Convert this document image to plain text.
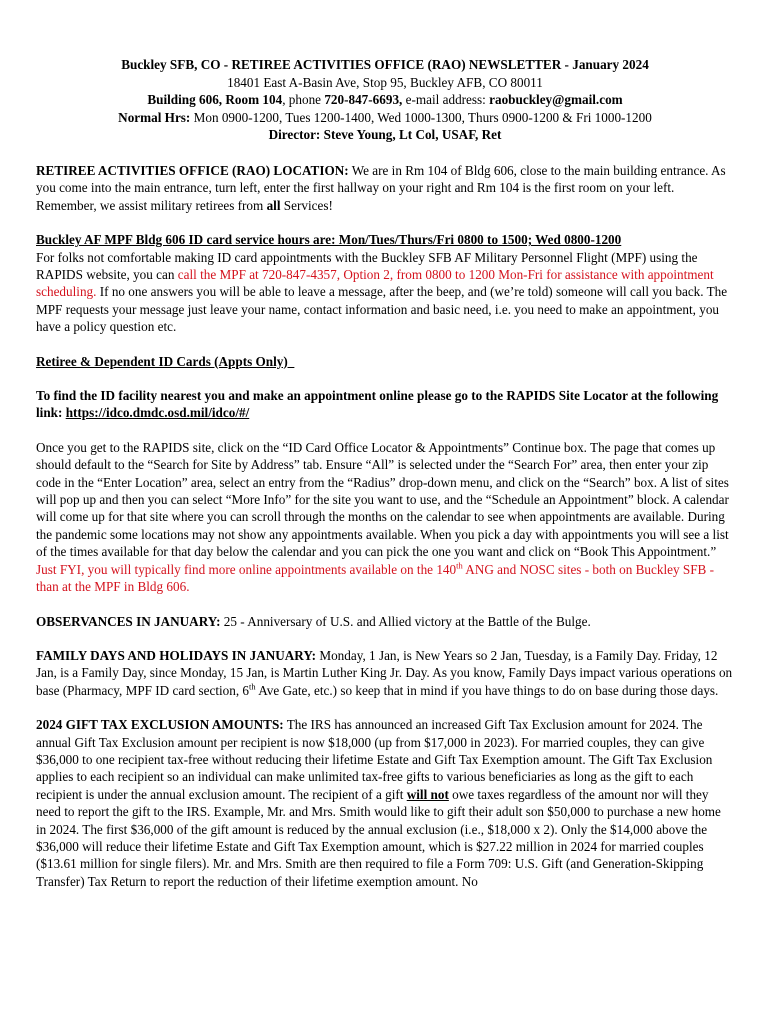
Buckley SFB, CO - RETIREE ACTIVITIES OFFICE (RAO) NEWSLETTER - January 2024
18401 East A-Basin Ave, Stop 95, Buckley AFB, CO 80011
Building 606, Room 104, phone 720-847-6693, e-mail address: raobuckley@gmail.com
Normal Hrs: Mon 0900-1200, Tues 1200-1400, Wed 1000-1300, Thurs 0900-1200 & Fri 1000-1200
Director: Steve Young, Lt Col, USAF, Ret

RETIREE ACTIVITIES OFFICE (RAO) LOCATION: We are in Rm 104 of Bldg 606, close to the main building entrance. As you come into the main entrance, turn left, enter the first hallway on your right and Rm 104 is the first room on your left. Remember, we assist military retirees from all Services!

Buckley AF MPF Bldg 606 ID card service hours are: Mon/Tues/Thurs/Fri 0800 to 1500; Wed 0800-1200
For folks not comfortable making ID card appointments with the Buckley SFB AF Military Personnel Flight (MPF) using the RAPIDS website, you can call the MPF at 720-847-4357, Option 2, from 0800 to 1200 Mon-Fri for assistance with appointment scheduling. If no one answers you will be able to leave a message, after the beep, and (we’re told) someone will call you back. The MPF requests your message just leave your name, contact information and basic need, i.e. you need to make an appointment, you have a policy question etc.

Retiree & Dependent ID Cards (Appts Only)

To find the ID facility nearest you and make an appointment online please go to the RAPIDS Site Locator at the following link: https://idco.dmdc.osd.mil/idco/#/

Once you get to the RAPIDS site, click on the “ID Card Office Locator & Appointments” Continue box. The page that comes up should default to the “Search for Site by Address” tab. Ensure “All” is selected under the “Search For” area, then enter your zip code in the “Enter Location” area, select an entry from the “Radius” drop-down menu, and click on the “Search” box. A list of sites will pop up and then you can select “More Info” for the site you want to use, and the “Schedule an Appointment” block. A calendar will come up for that site where you can scroll through the months on the calendar to see when appointments are available. During the pandemic some locations may not show any appointments available. When you pick a day with appointments you will see a list of the times available for that day below the calendar and you can pick the one you want and click on “Book This Appointment.” Just FYI, you will typically find more online appointments available on the 140th ANG and NOSC sites - both on Buckley SFB - than at the MPF in Bldg 606.

OBSERVANCES IN JANUARY: 25 - Anniversary of U.S. and Allied victory at the Battle of the Bulge.

FAMILY DAYS AND HOLIDAYS IN JANUARY: Monday, 1 Jan, is New Years so 2 Jan, Tuesday, is a Family Day. Friday, 12 Jan, is a Family Day, since Monday, 15 Jan, is Martin Luther King Jr. Day. As you know, Family Days impact various operations on base (Pharmacy, MPF ID card section, 6th Ave Gate, etc.) so keep that in mind if you have things to do on base during those days.

2024 GIFT TAX EXCLUSION AMOUNTS: The IRS has announced an increased Gift Tax Exclusion amount for 2024. The annual Gift Tax Exclusion amount per recipient is now $18,000 (up from $17,000 in 2023). For married couples, they can give $36,000 to one recipient tax-free without reducing their lifetime Estate and Gift Tax Exemption amount. The Gift Tax Exclusion applies to each recipient so an individual can make unlimited tax-free gifts to various beneficiaries as long as the gift to each recipient is under the annual exclusion amount. The recipient of a gift will not owe taxes regardless of the amount nor will they need to report the gift to the IRS. Example, Mr. and Mrs. Smith would like to gift their adult son $50,000 to purchase a new home in 2024. The first $36,000 of the gift amount is reduced by the annual exclusion (i.e., $18,000 x 2). Only the $14,000 above the $36,000 will reduce their lifetime Estate and Gift Tax Exemption amount, which is $27.22 million in 2024 for married couples ($13.61 million for single filers). Mr. and Mrs. Smith are then required to file a Form 709: U.S. Gift (and Generation-Skipping Transfer) Tax Return to report the reduction of their lifetime exemption amount. No
